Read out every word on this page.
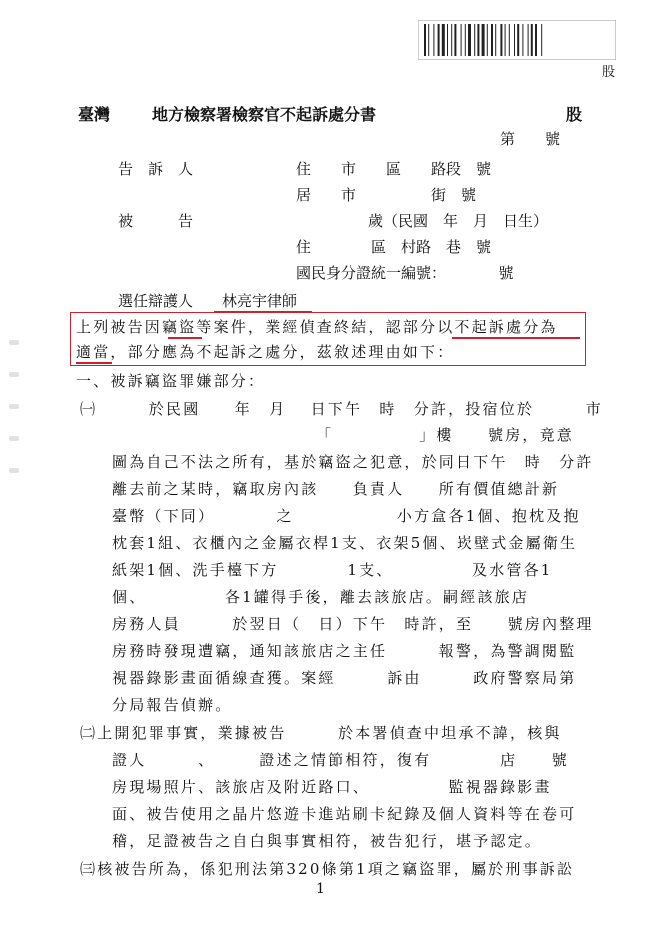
股
臺灣	地方檢察署檢察官不起訴處分書	股
第　　號
告　訴　人	住　　市　　區　　路段　號
居　　市　　　　　街　號
被　　　告	歲（民國　年　月　日生）
住　　　　區　村路　巷　號
國民身分證統一編號：　　　　號
選任辯護人 林亮宇律師
上列被告因竊盜等案件，業經偵查終結，認部分以不起訴處分為
適當，部分應為不起訴之處分，茲敘述理由如下：
一、被訴竊盜罪嫌部分：
㈠　　　於民國　　年　月　 日下午　時　分許，投宿位於　　　市
「　　　　　」樓　　號房，竟意
圖為自己不法之所有，基於竊盜之犯意，於同日下午　時　分許
離去前之某時，竊取房內該　　負責人　　所有價值總計新
臺幣（下同）　　　　之　　　　　　小方盒各1個、抱枕及抱
枕套1組、衣櫃內之金屬衣桿1支、衣架5個、崁壁式金屬衛生
紙架1個、洗手檯下方　　　　1支、　　　　　及水管各1
個、　　　　　各1罐得手後，離去該旅店。嗣經該旅店
房務人員　　　於翌日（　日）下午　時許，至　　號房內整理
房務時發現遭竊，通知該旅店之主任　　　報警，為警調閱監
視器錄影畫面循線查獲。案經　　　訴由　　　政府警察局第
分局報告偵辦。
㈡上開犯罪事實，業據被告　　　於本署偵查中坦承不諱，核與
證人　　　、　　　證述之情節相符，復有　　　　店　　號
房現場照片、該旅店及附近路口、　　　　　監視器錄影畫
面、被告使用之晶片悠遊卡進站刷卡紀錄及個人資料等在卷可
稽，足證被告之自白與事實相符，被告犯行，堪予認定。
㈢核被告所為，係犯刑法第320條第1項之竊盜罪，屬於刑事訴訟
1
